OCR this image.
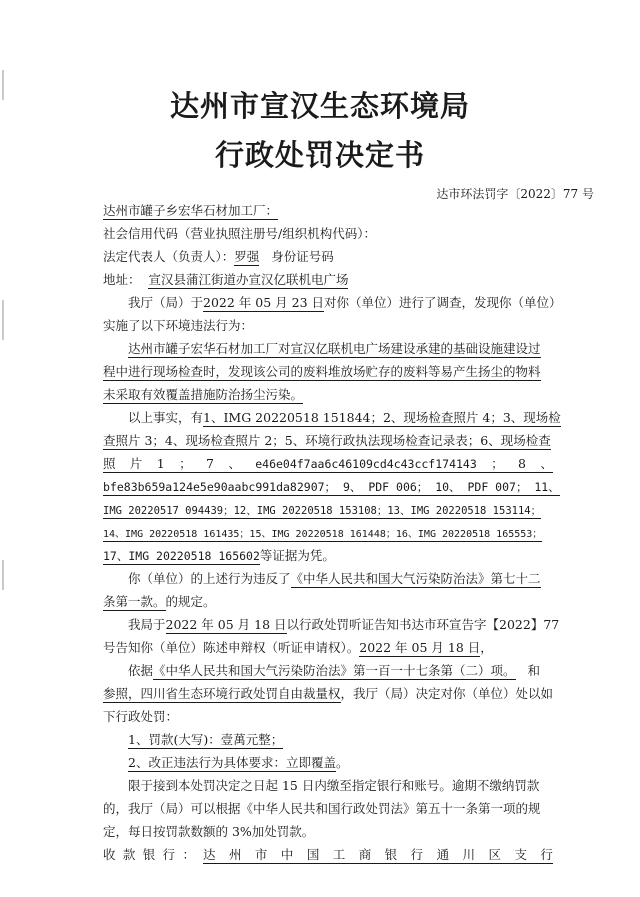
达州市宣汉生态环境局
行政处罚决定书
达市环法罚字〔2022〕77 号
达州市罐子乡宏华石材加工厂：
社会信用代码（营业执照注册号/组织机构代码）：
法定代表人（负责人）：罗强 身份证号码
地址： 宣汉县蒲江街道办宣汉亿联机电广场
我厅（局）于2022 年 05 月 23 日对你（单位）进行了调查，发现你（单位）
实施了以下环境违法行为：
达州市罐子宏华石材加工厂对宣汉亿联机电广场建设承建的基础设施建设过
程中进行现场检查时，发现该公司的废料堆放场贮存的废料等易产生扬尘的物料
未采取有效覆盖措施防治扬尘污染。
以上事实，有1、IMG 20220518 151844；2、现场检查照片 4；3、现场检
查照片 3；4、现场检查照片 2；5、环境行政执法现场检查记录表；6、现场检查
照 片 1 ； 7 、 e46e04f7aa6c46109cd4c43ccf174143 ； 8 、
bfe83b659a124e5e90aabc991da82907； 9、 PDF 006； 10、 PDF 007； 11、
IMG 20220517 094439；12、IMG 20220518 153108；13、IMG 20220518 153114；
14、IMG 20220518 161435；15、IMG 20220518 161448；16、IMG 20220518 165553；
17、IMG 20220518 165602等证据为凭。
你（单位）的上述行为违反了《中华人民共和国大气污染防治法》第七十二
条第一款。的规定。
我局于2022 年 05 月 18 日以行政处罚听证告知书达市环宣告字【2022】77
号告知你（单位）陈述申辩权（听证申请权）。2022 年 05 月 18 日，
依据《中华人民共和国大气污染防治法》第一百一十七条第（二）项。 和
参照，四川省生态环境行政处罚自由裁量权，我厅（局）决定对你（单位）处以如
下行政处罚：
1、罚款(大写)：壹萬元整；
2、改正违法行为具体要求：立即覆盖。
限于接到本处罚决定之日起 15 日内缴至指定银行和账号。逾期不缴纳罚款
的，我厅（局）可以根据《中华人民共和国行政处罚法》第五十一条第一项的规
定，每日按罚款数额的 3%加处罚款。
收 款 银 行 ： 达 州 市 中 国 工 商 银 行 通 川 区 支 行
